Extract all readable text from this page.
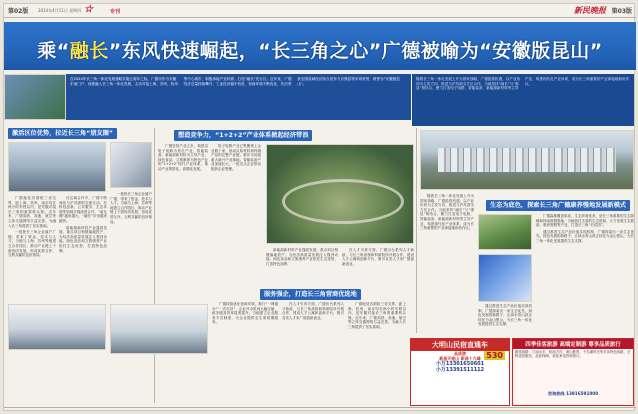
第02版 2024年4月11日 星期四 ☆	专刊	新民晚报 第03版
乘“融长”东风快速崛起，“长三角之心”广德被喻为“安徽版昆山”
在2024年长三角一体化发展战略实施五周年之际，广德市作为安徽东南门户，深度融入长三角一体化发展，主动对接上海、苏州、杭州等中心城市，积极承接产业转移，打造“融长”先行区。近年来，广德经济总量持续攀升，工业经济稳中有进，营商环境不断优化，先后荣获全国县域经济综合竞争力百强县等多项荣誉，被誉为“安徽版昆山”。
随着长三角一体化发展上升为国家战略，广德抢抓机遇，以产业协同为主攻方向，推进与沪苏浙全方位合作。当地坚持“融长”与“强县”相结合，聚力打造电子电路、智能装备、新能源新材料等主导产业，构建现代化产业体系，成为长三角重要的产业承接地和协作区。
激活区位优势，拉近长三角“朋友圈”

广德地处苏浙皖三省交界，距上海、杭州、南京均在两小时车程以内，是安徽对接长三角的重要桥头堡。近年来，广德高铁、高速、航空等立体交通网络日益完善，为融入长三角提供了坚实基础。

一批批长三角企业落户广德，带来了资金、技术与人才。当地与上海、苏州等地建立合作园区，推动产业链上下游协同发展，形成优势互补、互利共赢的良好格局。

在区域合作中，广德不断深化与沪苏浙的交流互动，在科技创新、公共服务、生态环境等领域开展深度合作，“朋友圈”越来越大，“融长”步伐越来越快。

新能源新材料产业蓬勃发展，重点项目相继落地投产，为经济高质量发展注入强劲动能。绿色食品和文旅康养产业依托生态优势，打造特色品牌。

塑造竞争力，“1+2+2”产业体系掀起经济带浪

广德坚持产业立市，构建以电子电路为首位产业，智能装备、新能源新材料为主导产业，绿色食品、文旅康养为特色产业的“1+2+2”现代产业体系，推动产业集群化、高端化发展。

电子电路产业已集聚规上企业数十家，形成从原材料到终端产品的完整产业链，被评为省级重大新兴产业基地。智能装备产业加速壮大，一批龙头企业带动配套企业集聚。

一批批长三角企业落户广德，带来了资金、技术与人才。当地与上海、苏州等地建立合作园区，推动产业链上下游协同发展，形成优势互补、互利共赢的良好格局。

新能源新材料产业蓬勃发展，重点项目相继落地投产，为经济高质量发展注入强劲动能。绿色食品和文旅康养产业依托生态优势，打造特色品牌。

在人才引育方面，广德出台系列人才新政，与长三角高校和科研院所开展合作，建设人才公寓和创新平台，吸引各类人才来广德创新创业。

服务强企，打造长三角营商优选地

广德持续优化营商环境，推行“一网通办”“一次办好”，企业开办时间大幅压缩，政务服务效率显著提升。当地建立企业服务专员制度，为企业提供全生命周期服务。

在人才引育方面，广德出台系列人才新政，与长三角高校和科研院所开展合作，建设人才公寓和创新平台，吸引各类人才来广德创新创业。

广德地处苏浙皖三省交界，距上海、杭州、南京均在两小时车程以内，是安徽对接长三角的重要桥头堡。近年来，广德高铁、高速、航空等立体交通网络日益完善，为融入长三角提供了坚实基础。

随着长三角一体化发展上升为国家战略，广德抢抓机遇，以产业协同为主攻方向，推进与沪苏浙全方位合作。当地坚持“融长”与“强县”相结合，聚力打造电子电路、智能装备、新能源新材料等主导产业，构建现代化产业体系，成为长三角重要的产业承接地和协作区。

生态为底色，探索长三角广德康养慢地发展新模式

广德森林覆盖率高，生态环境优美，是长三角重要的生态屏障和休闲度假胜地。当地依托丰富的生态资源，大力发展生态旅游、康养度假等产业，打造长三角“后花园”。

通过推进生态产品价值实现机制，广德探索出一条生态优先、绿色发展的新路子，让绿水青山真正转化为金山银山，为长三角一体化发展提供生态支撑。

通过推进生态产品价值实现机制，广德探索出一条生态优先、绿色发展的新路子，让绿水青山真正转化为金山银山，为长三角一体化发展提供生态支撑。

大明山民宿直通车
品质游
新昌天姥山 新昌十九峰 530
小万13301650601
小万13391511112
四季佳客旅游 高端定制游 尊享品质旅行
精选线路：江南水乡、皖南古村、黄山胜景、千岛湖风光等多条特色线路，全程优质服务，品质保障，欢迎来电咨询预订。
咨询热线 13916591000
